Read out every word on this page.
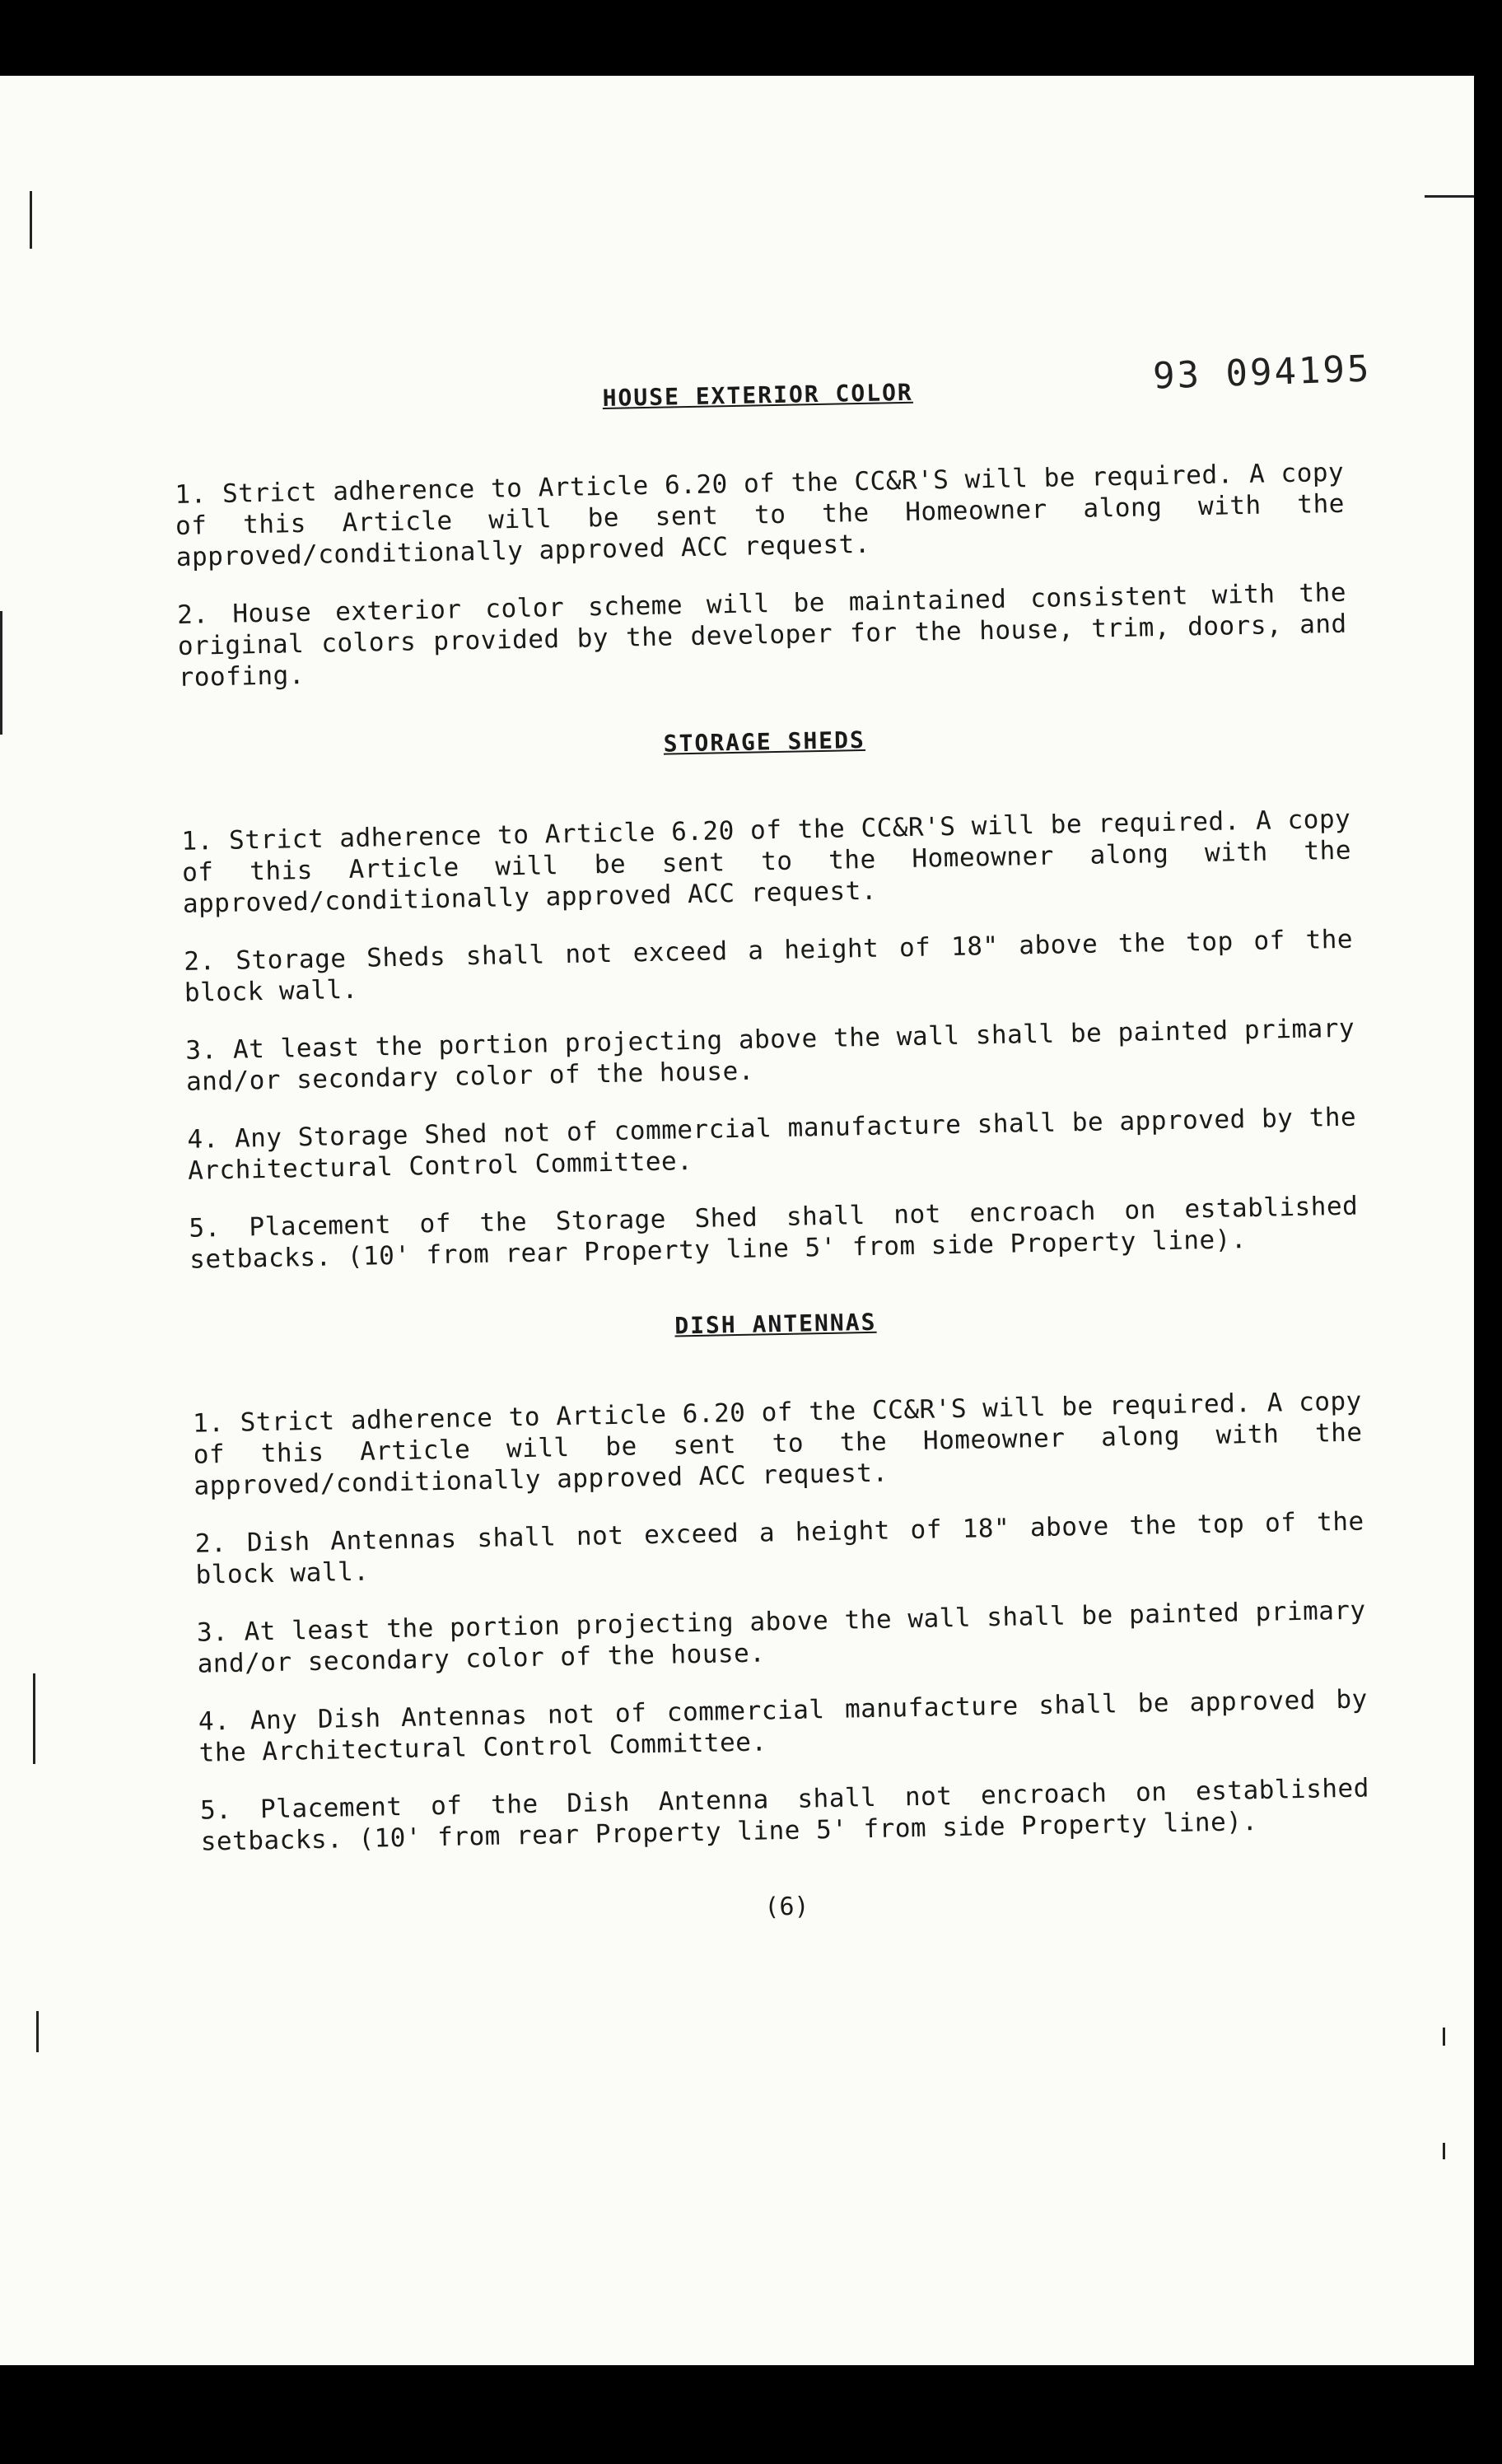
93 094195
HOUSE EXTERIOR COLOR

1. Strict adherence to Article 6.20 of the CC&R'S will be required. A copy of this Article will be sent to the Homeowner along with the approved/conditionally approved ACC request.

2. House exterior color scheme will be maintained consistent with the original colors provided by the developer for the house, trim, doors, and roofing.

STORAGE SHEDS

1. Strict adherence to Article 6.20 of the CC&R'S will be required. A copy of this Article will be sent to the Homeowner along with the approved/conditionally approved ACC request.

2. Storage Sheds shall not exceed a height of 18" above the top of the block wall.

3. At least the portion projecting above the wall shall be painted primary and/or secondary color of the house.

4. Any Storage Shed not of commercial manufacture shall be approved by the Architectural Control Committee.

5. Placement of the Storage Shed shall not encroach on established setbacks. (10' from rear Property line 5' from side Property line).

DISH ANTENNAS

1. Strict adherence to Article 6.20 of the CC&R'S will be required. A copy of this Article will be sent to the Homeowner along with the approved/conditionally approved ACC request.

2. Dish Antennas shall not exceed a height of 18" above the top of the block wall.

3. At least the portion projecting above the wall shall be painted primary and/or secondary color of the house.

4. Any Dish Antennas not of commercial manufacture shall be approved by the Architectural Control Committee.

5. Placement of the Dish Antenna shall not encroach on established setbacks. (10' from rear Property line 5' from side Property line).

(6)
